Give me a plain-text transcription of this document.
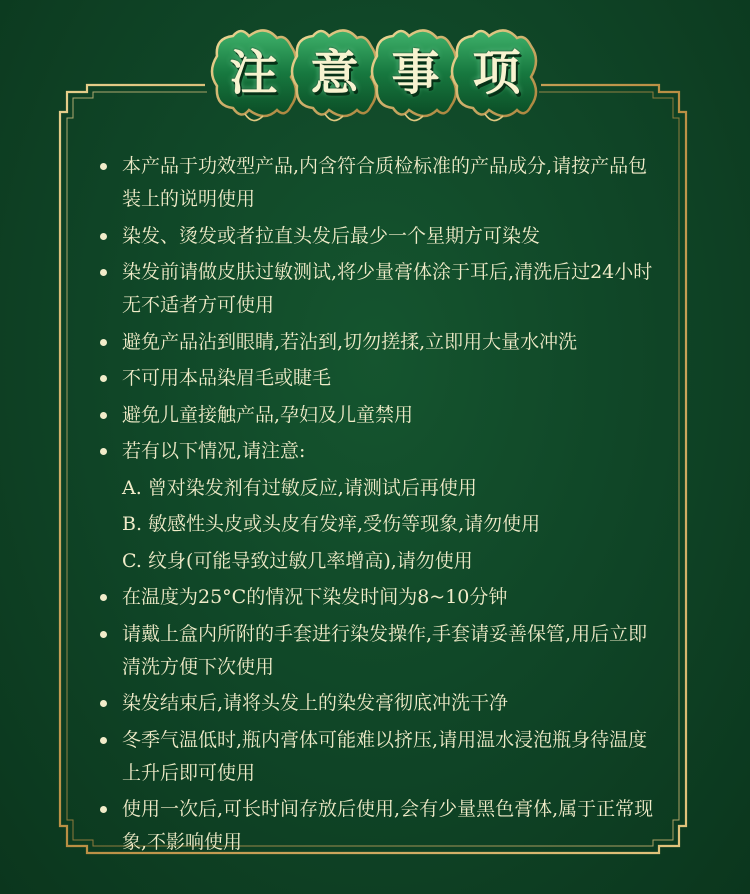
注 意 事 项
本产品于功效型产品,内含符合质检标准的产品成分,请按产品包装上的说明使用
染发、烫发或者拉直头发后最少一个星期方可染发
染发前请做皮肤过敏测试,将少量膏体涂于耳后,清洗后过24小时无不适者方可使用
避免产品沾到眼睛,若沾到,切勿搓揉,立即用大量水冲洗
不可用本品染眉毛或睫毛
避免儿童接触产品,孕妇及儿童禁用
若有以下情况,请注意:
A. 曾对染发剂有过敏反应,请测试后再使用
B. 敏感性头皮或头皮有发痒,受伤等现象,请勿使用
C. 纹身(可能导致过敏几率增高),请勿使用
在温度为25°C的情况下染发时间为8~10分钟
请戴上盒内所附的手套进行染发操作,手套请妥善保管,用后立即清洗方便下次使用
染发结束后,请将头发上的染发膏彻底冲洗干净
冬季气温低时,瓶内膏体可能难以挤压,请用温水浸泡瓶身待温度上升后即可使用
使用一次后,可长时间存放后使用,会有少量黑色膏体,属于正常现象,不影响使用
